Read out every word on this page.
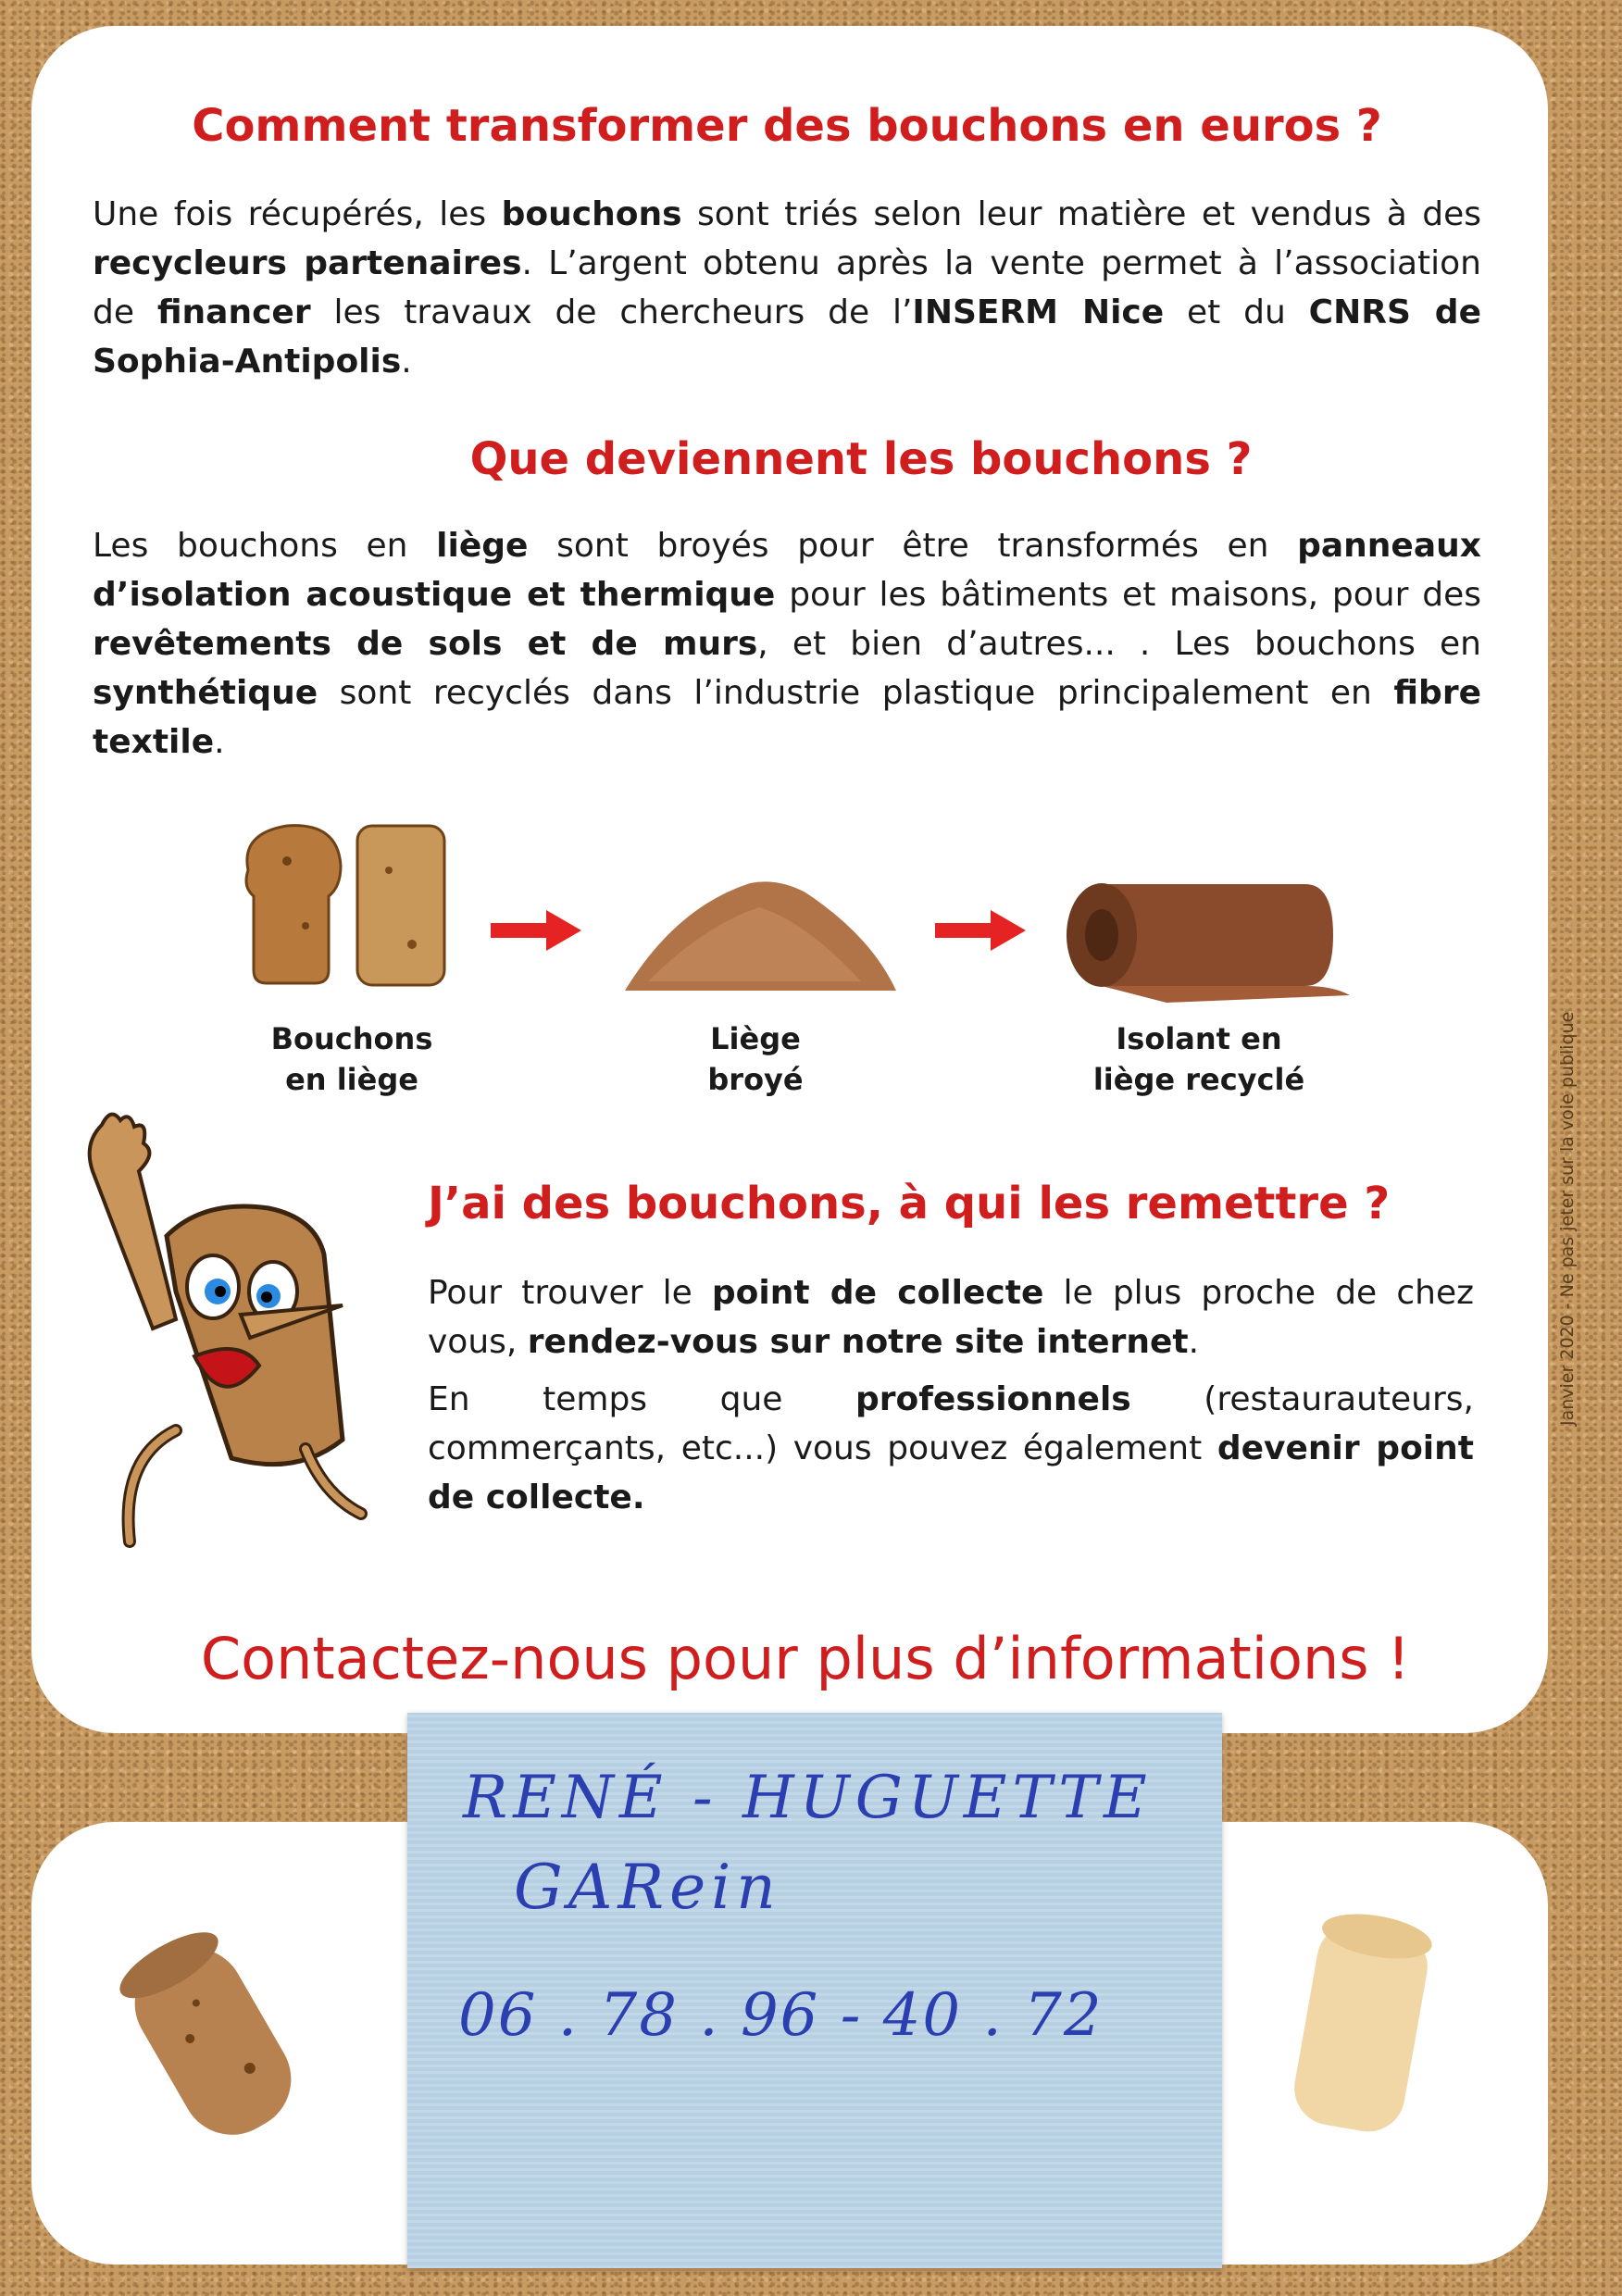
Comment transformer des bouchons en euros ?

Une fois récupérés, les bouchons sont triés selon leur matière et vendus à des recycleurs partenaires. L’argent obtenu après la vente permet à l’association de financer les travaux de chercheurs de l’INSERM Nice et du CNRS de Sophia-Antipolis.

Que deviennent les bouchons ?

Les bouchons en liège sont broyés pour être transformés en panneaux d’isolation acoustique et thermique pour les bâtiments et maisons, pour des revêtements de sols et de murs, et bien d’autres... . Les bouchons en synthétique sont recyclés dans l’industrie plastique principalement en fibre textile.

Bouchons
en liège
Liège
broyé
Isolant en
liège recyclé
J’ai des bouchons, à qui les remettre ?

Pour trouver le point de collecte le plus proche de chez vous, rendez-vous sur notre site internet.

En temps que professionnels (restaurauteurs, commerçants, etc...) vous pouvez également devenir point de collecte.

Janvier 2020 - Ne pas jeter sur la voie publique
Contactez-nous pour plus d’informations !
RENÉ - HUGUETTE
GARein
06 . 78 . 96 - 40 . 72
